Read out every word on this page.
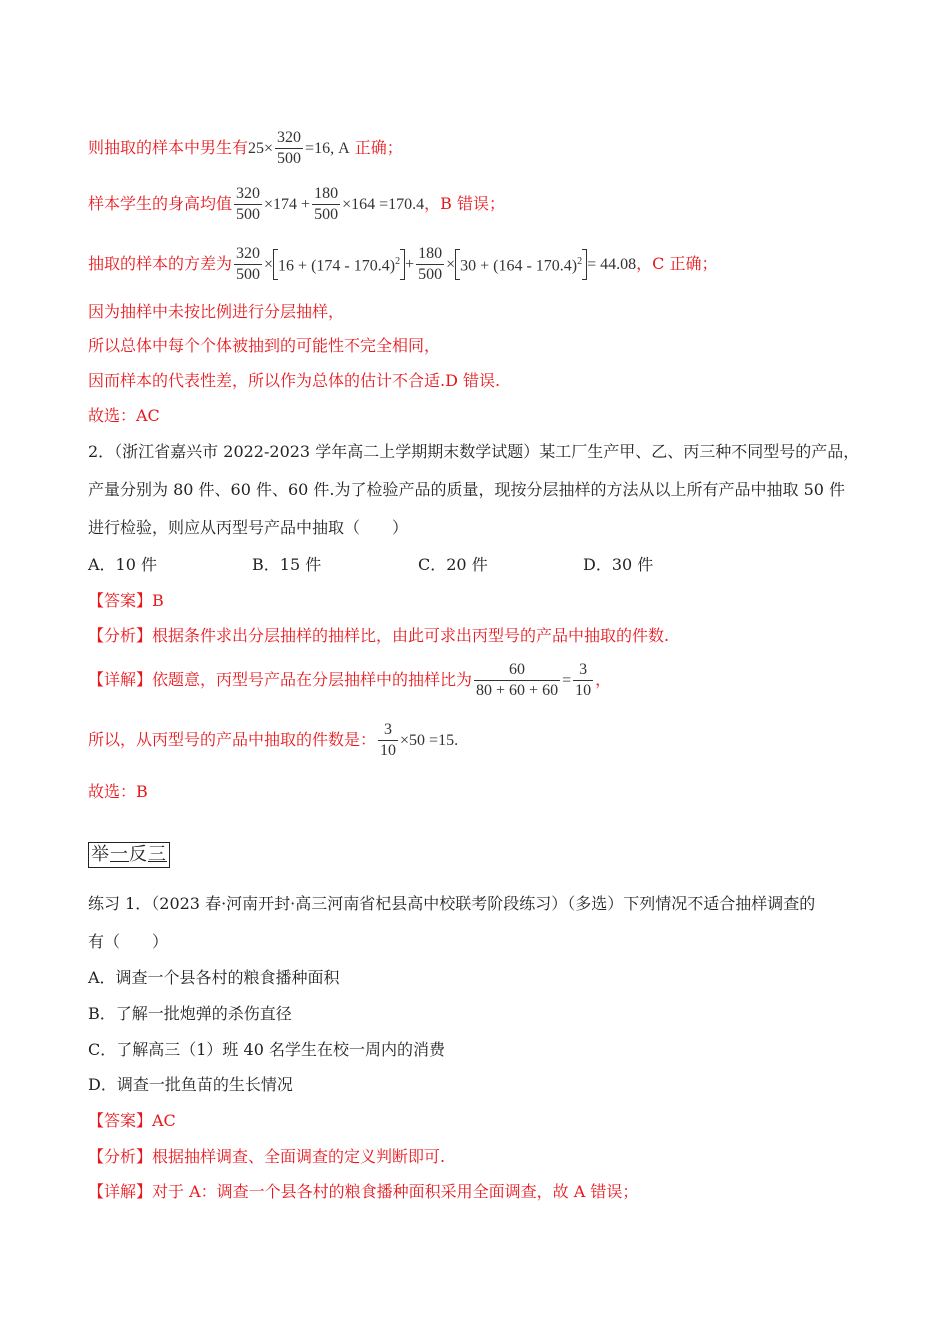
则抽取的样本中男生有$25\times \frac{320}{500} =16$, A 正确；
样本学生的身高均值 $\frac{320}{500} \times 174 + \frac{180}{500} \times 164 =170.4$，B 错误；
抽取的样本的方差为 $\frac{320}{500} \times 16 + (174 - 170.4)^2 + \frac{180}{500} \times 30 + (164 - 170.4)^2 = 44.08$，C 正确；
因为抽样中未按比例进行分层抽样，
所以总体中每个个体被抽到的可能性不完全相同，
因而样本的代表性差，所以作为总体的估计不合适.D 错误.
故选：AC
2．（浙江省嘉兴市 2022-2023 学年高二上学期期末数学试题）某工厂生产甲、乙、丙三种不同型号的产品，
产量分别为 80 件、60 件、60 件.为了检验产品的质量，现按分层抽样的方法从以上所有产品中抽取 50 件
进行检验，则应从丙型号产品中抽取（　　）
A．10 件	B．15 件	C．20 件	D．30 件
【答案】B
【分析】根据条件求出分层抽样的抽样比，由此可求出丙型号的产品中抽取的件数.
【详解】依题意，丙型号产品在分层抽样中的抽样比为 $\frac{60}{80 + 60 + 60} = \frac{3}{10}$ ，
所以，从丙型号的产品中抽取的件数是： $\frac{3}{10} \times 50 =15$.
故选：B
举一反三
练习 1．（2023 春·河南开封·高三河南省杞县高中校联考阶段练习）（多选）下列情况不适合抽样调查的
有（　　）
A．调查一个县各村的粮食播种面积
B．了解一批炮弹的杀伤直径
C．了解高三（1）班 40 名学生在校一周内的消费
D．调查一批鱼苗的生长情况
【答案】AC
【分析】根据抽样调查、全面调查的定义判断即可.
【详解】对于 A：调查一个县各村的粮食播种面积采用全面调查，故 A 错误；
